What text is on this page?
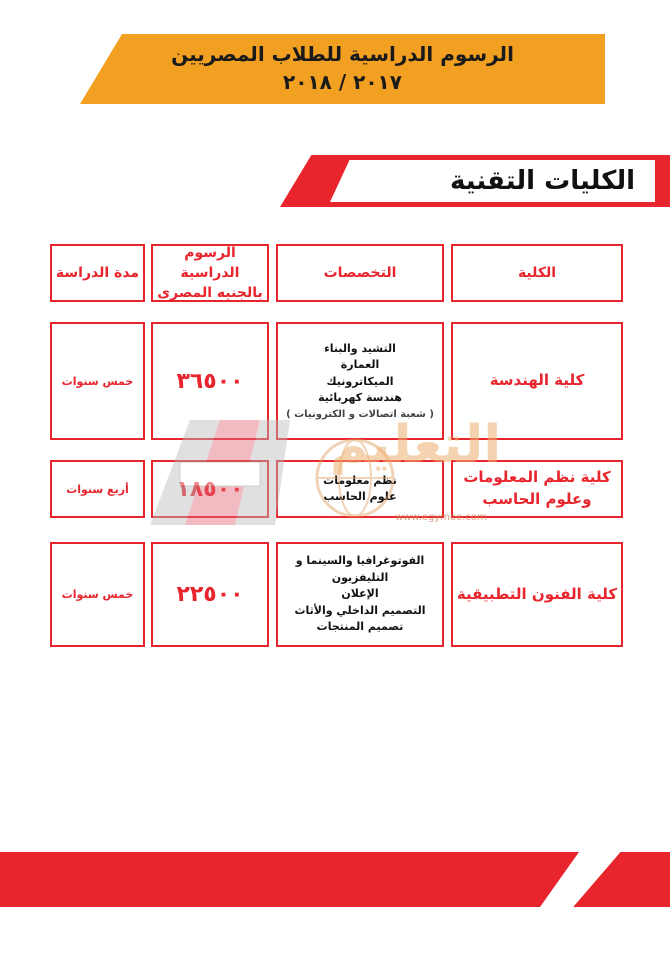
الرسوم الدراسية للطلاب المصريين
٢٠١٧ / ٢٠١٨
الكليات التقنية
الكلية
التخصصات
الرسوم الدراسية
بالجنيه المصرى
مدة الدراسة
كلية الهندسة
التشيد والبناء
العمارة
الميكاترونيك
هندسة كهربائية
( شعبة اتصالات و الكترونيات )
٣٦٥٠٠
خمس سنوات
كلية نظم المعلومات
وعلوم الحاسب
نظم معلومات
علوم الحاسب
١٨٥٠٠
أربع سنوات
كلية الفنون التطبيقية
الفوتوغرافيا والسينما و التليفزيون
الإعلان
التصميم الداخلي والأثاث
تصميم المنتجات
٢٢٥٠٠
خمس سنوات
التعليم
www.egymoe.com
